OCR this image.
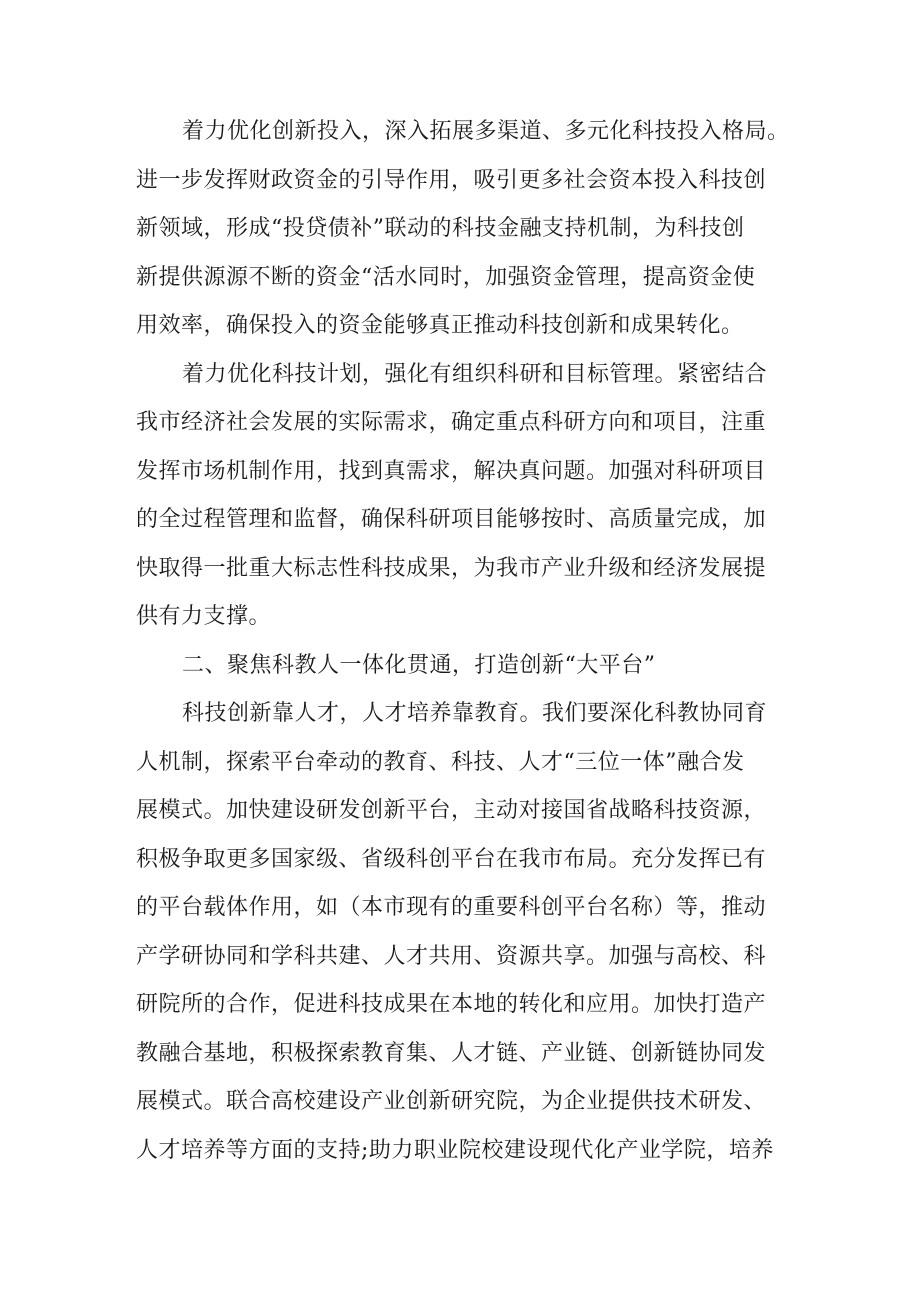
着力优化创新投入，深入拓展多渠道、多元化科技投入格局。
进一步发挥财政资金的引导作用，吸引更多社会资本投入科技创
新领域，形成“投贷债补”联动的科技金融支持机制，为科技创
新提供源源不断的资金“活水同时，加强资金管理，提高资金使
用效率，确保投入的资金能够真正推动科技创新和成果转化。
着力优化科技计划，强化有组织科研和目标管理。紧密结合
我市经济社会发展的实际需求，确定重点科研方向和项目，注重
发挥市场机制作用，找到真需求，解决真问题。加强对科研项目
的全过程管理和监督，确保科研项目能够按时、高质量完成，加
快取得一批重大标志性科技成果，为我市产业升级和经济发展提
供有力支撑。
二、聚焦科教人一体化贯通，打造创新“大平台”
科技创新靠人才，人才培养靠教育。我们要深化科教协同育
人机制，探索平台牵动的教育、科技、人才“三位一体”融合发
展模式。加快建设研发创新平台，主动对接国省战略科技资源，
积极争取更多国家级、省级科创平台在我市布局。充分发挥已有
的平台载体作用，如（本市现有的重要科创平台名称）等，推动
产学研协同和学科共建、人才共用、资源共享。加强与高校、科
研院所的合作，促进科技成果在本地的转化和应用。加快打造产
教融合基地，积极探索教育集、人才链、产业链、创新链协同发
展模式。联合高校建设产业创新研究院，为企业提供技术研发、
人才培养等方面的支持;助力职业院校建设现代化产业学院，培养
